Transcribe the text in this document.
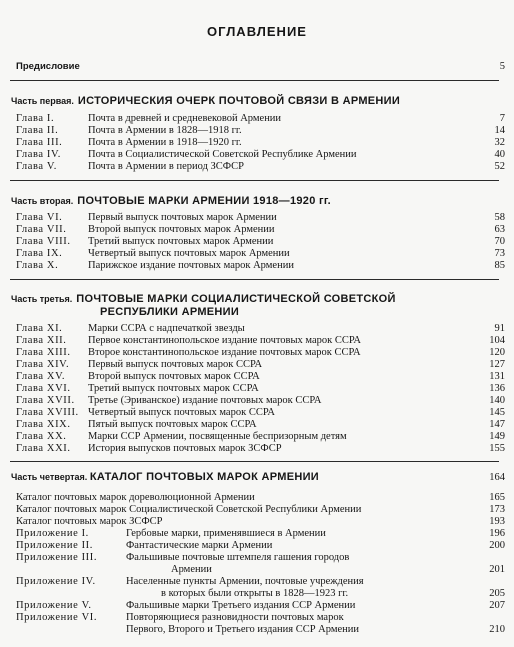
ОГЛАВЛЕНИЕ
Предисловие	5
Часть первая. ИСТОРИЧЕСКИЯ ОЧЕРК ПОЧТОВОЙ СВЯЗИ В АРМЕНИИ
Глава I.	Почта в древней и средневековой Армении	7
Глава II.	Почта в Армении в 1828—1918 гг.	14
Глава III. Почта в Армении в 1918—1920 гг.	32
Глава IV.	Почта в Социалистической Советской Республике Армении	40
Глава V.	Почта в Армении в период ЗСФСР	52
Часть вторая. ПОЧТОВЫЕ МАРКИ АРМЕНИИ 1918—1920 гг.
Глава VI. Первый выпуск почтовых марок Армении	58
Глава VII. Второй выпуск почтовых марок Армении	63
Глава VIII. Третий выпуск почтовых марок Армении	70
Глава IX. Четвертый выпуск почтовых марок Армении	73
Глава X.	Парижское издание почтовых марок Армении	85
Часть третья. ПОЧТОВЫЕ МАРКИ СОЦИАЛИСТИЧЕСКОЙ СОВЕТСКОЙ
РЕСПУБЛИКИ АРМЕНИИ
Глава XI. Марки ССРА с надпечаткой звезды	91
Глава XII. Первое константинопольское издание почтовых марок ССРА	104
Глава XIII. Второе константинопольское издание почтовых марок ССРА	120
Глава XIV. Первый выпуск почтовых марок ССРА	127
Глава XV. Второй выпуск почтовых марок ССРА	131
Глава XVI. Третий выпуск почтовых марок ССРА	136
Глава XVII. Третье (Эриванское) издание почтовых марок ССРА	140
Глава XVIII. Четвертый выпуск почтовых марок ССРА	145
Глава XIX. Пятый выпуск почтовых марок ССРА	147
Глава XX. Марки ССР Армении, посвященные беспризорным детям	149
Глава XXI. История выпусков почтовых марок ЗСФСР	155
Часть четвертая. КАТАЛОГ ПОЧТОВЫХ МАРОК АРМЕНИИ	164
Каталог почтовых марок дореволюционной Армении	165
Каталог почтовых марок Социалистической Советской Республики Армении	173
Каталог почтовых марок ЗСФСР	193
Приложение I.	Гербовые марки, применявшиеся в Армении	196
Приложение II.	Фантастические марки Армении	200
Приложение III.	Фальшивые почтовые штемпеля гашения городов
Армении	201
Приложение IV.	Населенные пункты Армении, почтовые учреждения
в которых были открыты в 1828—1923 гг.	205
Приложение V.	Фальшивые марки Третьего издания ССР Армении	207
Приложение VI.	Повторяющиеся разновидности почтовых марок
Первого, Второго и Третьего издания ССР Армении	210
